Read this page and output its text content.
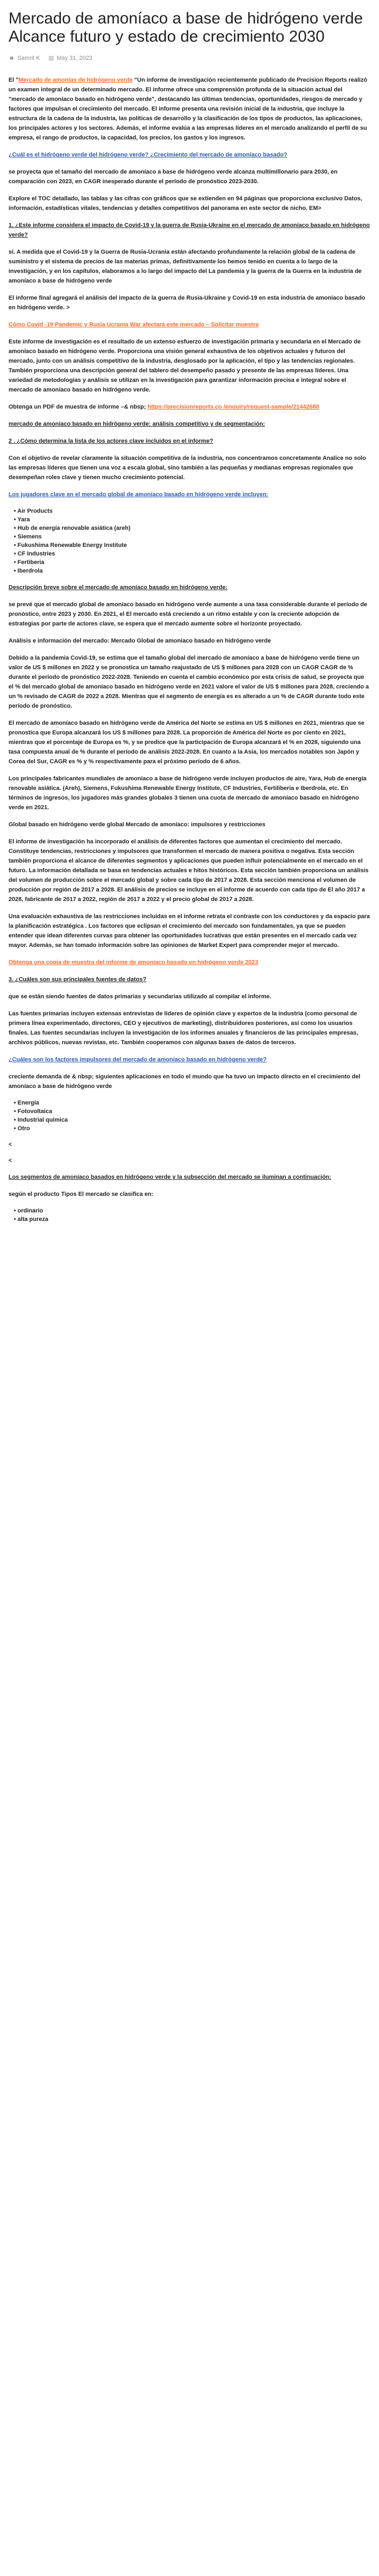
Mercado de amoníaco a base de hidrógeno verde Alcance futuro y estado de crecimiento 2030
☻ Samrit K ▤ May 31, 2023

El "Mercado de amonías de hidrógeno verde "Un informe de investigación recientemente publicado de Precision Reports realizó un examen integral de un determinado mercado. El informe ofrece una comprensión profunda de la situación actual del "mercado de amoníaco basado en hidrógeno verde", destacando las últimas tendencias, oportunidades, riesgos de mercado y factores que impulsan el crecimiento del mercado. El informe presenta una revisión inicial de la industria, que incluye la estructura de la cadena de la industria, las políticas de desarrollo y la clasificación de los tipos de productos, las aplicaciones, los principales actores y los sectores. Además, el informe evalúa a las empresas líderes en el mercado analizando el perfil de su empresa, el rango de productos, la capacidad, los precios, los gastos y los ingresos.

¿Cuál es el hidrógeno verde del hidrógeno verde? ¿Crecimiento del mercado de amoníaco basado?

se proyecta que el tamaño del mercado de amoníaco a base de hidrógeno verde alcanza multimillonario para 2030, en comparación con 2023, en CAGR inesperado durante el período de pronóstico 2023-2030.

Explore el TOC detallado, las tablas y las cifras con gráficos que se extienden en 94 páginas que proporciona exclusivo Datos, información, estadísticas vitales, tendencias y detalles competitivos del panorama en este sector de nicho. EM>

1. ¿Este informe considera el impacto de Covid-19 y la guerra de Rusia-Ukraine en el mercado de amoníaco basado en hidrógeno verde?

sí. A medida que el Covid-19 y la Guerra de Rusia-Ucrania están afectando profundamente la relación global de la cadena de suministro y el sistema de precios de las materias primas, definitivamente los hemos tenido en cuenta a lo largo de la investigación, y en los capítulos, elaboramos a lo largo del impacto del La pandemia y la guerra de la Guerra en la industria de amoníaco a base de hidrógeno verde

El informe final agregará el análisis del impacto de la guerra de Rusia-Ukraine y Covid-19 en esta industria de amoníaco basado en hidrógeno verde. >

Cómo Covid -19 Pandemic y Rusia Ucrania War afectará este mercado – Solicitar muestra

Este informe de investigación es el resultado de un extenso esfuerzo de investigación primaria y secundaria en el Mercado de amoníaco basado en hidrógeno verde. Proporciona una visión general exhaustiva de los objetivos actuales y futuros del mercado, junto con un análisis competitivo de la industria, desglosado por la aplicación, el tipo y las tendencias regionales. También proporciona una descripción general del tablero del desempeño pasado y presente de las empresas líderes. Una variedad de metodologías y análisis se utilizan en la investigación para garantizar información precisa e integral sobre el mercado de amoníaco basado en hidrógeno verde.

Obtenga un PDF de muestra de informe –& nbsp; https://precisionreports.co /enquiry/request-sample/21442688

mercado de amoníaco basado en hidrógeno verde: análisis competitivo y de segmentación:

2 . ¿Cómo determina la lista de los actores clave incluidos en el informe?

Con el objetivo de revelar claramente la situación competitiva de la industria, nos concentramos concretamente Analice no solo las empresas líderes que tienen una voz a escala global, sino también a las pequeñas y medianas empresas regionales que desempeñan roles clave y tienen mucho crecimiento potencial.

Los jugadores clave en el mercado global de amoníaco basado en hidrógeno verde incluyen:

• Air Products
• Yara
• Hub de energía renovable asiática (areh)
• Siemens
• Fukushima Renewable Energy Institute
• CF Industries
• Fertiberia
• Iberdrola

Descripción breve sobre el mercado de amoníaco basado en hidrógeno verde:

se prevé que el mercado global de amoníaco basado en hidrógeno verde aumente a una tasa considerable durante el período de pronóstico, entre 2023 y 2030. En 2021, el El mercado está creciendo a un ritmo estable y con la creciente adopción de estrategias por parte de actores clave, se espera que el mercado aumente sobre el horizonte proyectado.

Análisis e información del mercado: Mercado Global de amoníaco basado en hidrógeno verde

Debido a la pandemia Covid-19, se estima que el tamaño global del mercado de amoníaco a base de hidrógeno verde tiene un valor de US $ millones en 2022 y se pronostica un tamaño reajustado de US $ millones para 2028 con un CAGR CAGR de % durante el período de pronóstico 2022-2028. Teniendo en cuenta el cambio económico por esta crisis de salud, se proyecta que el % del mercado global de amoníaco basado en hidrógeno verde en 2021 valore el valor de US $ millones para 2028, creciendo a un % revisado de CAGR de 2022 a 2028. Mientras que el segmento de energía es es alterado a un % de CAGR durante todo este período de pronóstico.

El mercado de amoníaco basado en hidrógeno verde de América del Norte se estima en US $ millones en 2021, mientras que se pronostica que Europa alcanzará los US $ millones para 2028. La proporción de América del Norte es por ciento en 2021, mientras que el porcentaje de Europa es %, y se predice que la participación de Europa alcanzará el % en 2028, siguiendo una tasa compuesta anual de % durante el período de análisis 2022-2028. En cuanto a la Asia, los mercados notables son Japón y Corea del Sur, CAGR es % y % respectivamente para el próximo período de 6 años.

Los principales fabricantes mundiales de amoníaco a base de hidrógeno verde incluyen productos de aire, Yara, Hub de energía renovable asiática. (Areh), Siemens, Fukushima Renewable Energy Institute, CF Industries, Fertiliberia e Iberdrola, etc. En términos de ingresos, los jugadores más grandes globales 3 tienen una cuota de mercado de amoníaco basado en hidrógeno verde en 2021.

Global basado en hidrógeno verde global Mercado de amoníaco: impulsores y restricciones

El informe de investigación ha incorporado el análisis de diferentes factores que aumentan el crecimiento del mercado. Constituye tendencias, restricciones y impulsores que transformen el mercado de manera positiva o negativa. Esta sección también proporciona el alcance de diferentes segmentos y aplicaciones que pueden influir potencialmente en el mercado en el futuro. La información detallada se basa en tendencias actuales e hitos históricos. Esta sección también proporciona un análisis del volumen de producción sobre el mercado global y sobre cada tipo de 2017 a 2028. Esta sección menciona el volumen de producción por región de 2017 a 2028. El análisis de precios se incluye en el informe de acuerdo con cada tipo de El año 2017 a 2028, fabricante de 2017 a 2022, región de 2017 a 2022 y el precio global de 2017 a 2028.

Una evaluación exhaustiva de las restricciones incluidas en el informe retrata el contraste con los conductores y da espacio para la planificación estratégica . Los factores que eclipsan el crecimiento del mercado son fundamentales, ya que se pueden entender que idean diferentes curvas para obtener las oportunidades lucrativas que están presentes en el mercado cada vez mayor. Además, se han tomado información sobre las opiniones de Market Expert para comprender mejor el mercado.

Obtenga una copia de muestra del informe de amoníaco basado en hidrógeno verde 2023

3. ¿Cuáles son sus principales fuentes de datos?

que se están siendo fuentes de datos primarias y secundarias utilizado al compilar el informe.

Las fuentes primarias incluyen extensas entrevistas de líderes de opinión clave y expertos de la industria (como personal de primera línea experimentado, directores, CEO y ejecutivos de marketing), distribuidores posteriores, así como los usuarios finales. Las fuentes secundarias incluyen la investigación de los informes anuales y financieros de las principales empresas, archivos públicos, nuevas revistas, etc. También cooperamos con algunas bases de datos de terceros.

¿Cuáles son los factores impulsores del mercado de amoníaco basado en hidrógeno verde?

creciente demanda de & nbsp; siguientes aplicaciones en todo el mundo que ha tuvo un impacto directo en el crecimiento del amoníaco a base de hidrógeno verde

• Energía
• Fotovoltaica
• Industrial química
• Otro

<

<

Los segmentos de amoníaco basados en hidrógeno verde y la subsección del mercado se iluminan a continuación:

según el producto Tipos El mercado se clasifica en:

• ordinario
• alta pureza
